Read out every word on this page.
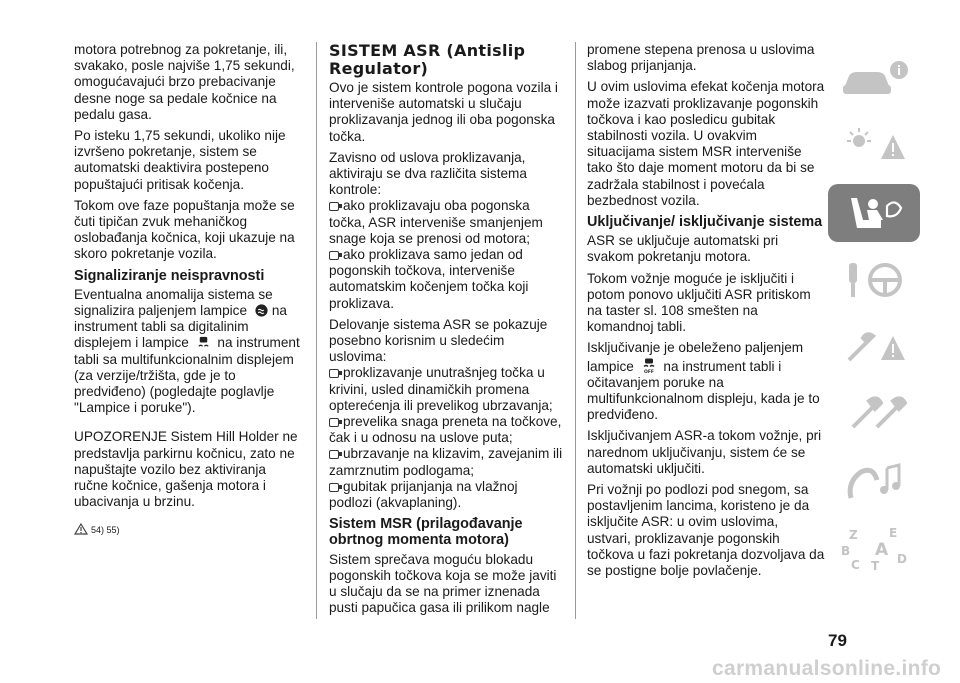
motora potrebnog za pokretanje, ili, svakako, posle najviše 1,75 sekundi, omogućavajući brzo prebacivanje desne noge sa pedale kočnice na pedalu gasa.

Po isteku 1,75 sekundi, ukoliko nije izvršeno pokretanje, sistem se automatski deaktivira postepeno popuštajući pritisak kočenja.

Tokom ove faze popuštanja može se čuti tipičan zvuk mehaničkog oslobađanja kočnica, koji ukazuje na skoro pokretanje vozila.

Signaliziranje neispravnosti

Eventualna anomalija sistema se signalizira paljenjem lampice na instrument tabli sa digitalinim displejem i lampice na instrument tabli sa multifunkcionalnim displejem (za verzije/tržišta, gde je to predviđeno) (pogledajte poglavlje "Lampice i poruke").

UPOZORENJE Sistem Hill Holder ne predstavlja parkirnu kočnicu, zato ne napuštajte vozilo bez aktiviranja ručne kočnice, gašenja motora i ubacivanja u brzinu.

54) 55)
SISTEM ASR (Antislip Regulator)

Ovo je sistem kontrole pogona vozila i interveniše automatski u slučaju proklizavanja jednog ili oba pogonska točka.

Zavisno od uslova proklizavanja, aktiviraju se dva različita sistema kontrole:

ako proklizavaju oba pogonska točka, ASR interveniše smanjenjem snage koja se prenosi od motora;

ako proklizava samo jedan od pogonskih točkova, interveniše automatskim kočenjem točka koji proklizava.

Delovanje sistema ASR se pokazuje posebno korisnim u sledećim uslovima:

proklizavanje unutrašnjeg točka u krivini, usled dinamičkih promena opterećenja ili prevelikog ubrzavanja;
prevelika snaga preneta na točkove, čak i u odnosu na uslove puta;
ubrzavanje na klizavim, zavejanim ili zamrznutim podlogama;

gubitak prijanjanja na vlažnoj podlozi (akvaplaning).

Sistem MSR (prilagođavanje obrtnog momenta motora)

Sistem sprečava moguću blokadu pogonskih točkova koja se može javiti u slučaju da se na primer iznenada pusti papučica gasa ili prilikom nagle

promene stepena prenosa u uslovima slabog prijanjanja.

U ovim uslovima efekat kočenja motora može izazvati proklizavanje pogonskih točkova i kao posledicu gubitak stabilnosti vozila. U ovakvim situacijama sistem MSR interveniše tako što daje moment motoru da bi se zadržala stabilnost i povećala bezbednost vozila.

Uključivanje/ isključivanje sistema

ASR se uključuje automatski pri svakom pokretanju motora.

Tokom vožnje moguće je isključiti i potom ponovo uključiti ASR pritiskom na taster sl. 108 smešten na komandnoj tabli.

Isključivanje je obeleženo paljenjem lampice OFF na instrument tabli i očitavanjem poruke na multifunkcionalnom displeju, kada je to predviđeno.

Isključivanjem ASR-a tokom vožnje, pri narednom uključivanju, sistem će se automatski uključiti.

Pri vožnji po podlozi pod snegom, sa postavljenim lancima, koristeno je da isključite ASR: u ovim uslovima, ustvari, proklizavanje pogonskih točkova u fazi pokretanja dozvoljava da se postigne bolje povlačenje.

Z	E
B A
C T D
79
carmanualsonline.info
